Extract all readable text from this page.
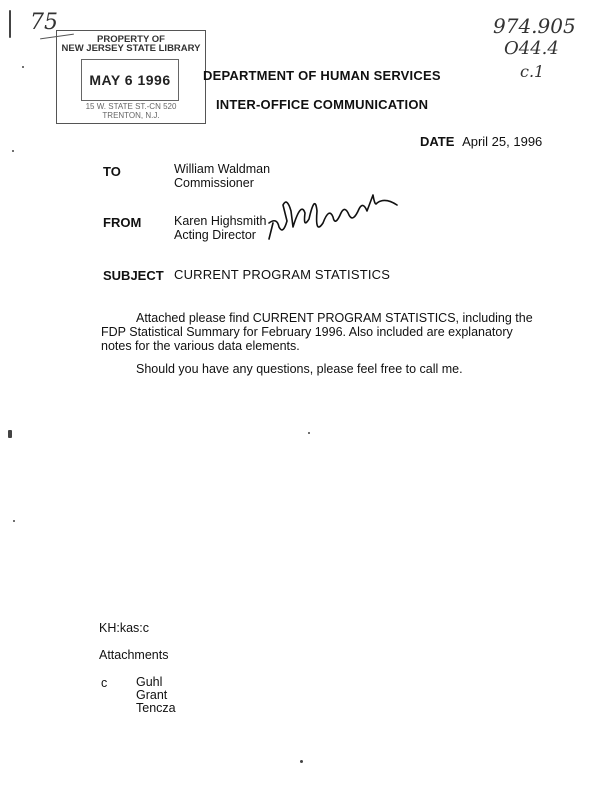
75	974.905
O44.4
c.1
PROPERTY OF
NEW JERSEY STATE LIBRARY
MAY 6 1996
15 W. STATE ST.-CN 520
TRENTON, N.J.
DEPARTMENT OF HUMAN SERVICES
INTER-OFFICE COMMUNICATION
DATE April 25, 1996
TO	William Waldman
Commissioner
FROM	Karen Highsmith
Acting Director
SUBJECT CURRENT PROGRAM STATISTICS
Attached please find CURRENT PROGRAM STATISTICS, including the
FDP Statistical Summary for February 1996. Also included are explanatory
notes for the various data elements.
Should you have any questions, please feel free to call me.
KH:kas:c
Attachments
c Guhl
Grant
Tencza
